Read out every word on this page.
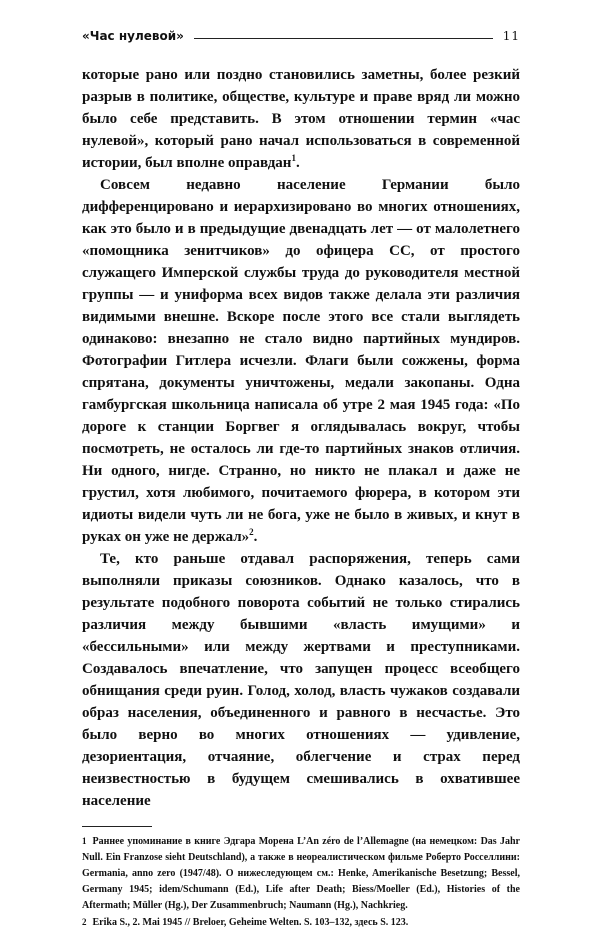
«Час нулевой»	11

которые рано или поздно становились заметны, более резкий разрыв в политике, обществе, культуре и праве вряд ли можно было себе представить. В этом отношении термин «час нулевой», который рано начал использоваться в современной истории, был вполне оправдан$^1$.

Совсем недавно население Германии было дифференцировано и иерархизировано во многих отношениях, как это было и в предыдущие двенадцать лет — от малолетнего «помощника зенитчиков» до офицера СС, от простого служащего Имперской службы труда до руководителя местной группы — и униформа всех видов также делала эти различия видимыми внешне. Вскоре после этого все стали выглядеть одинаково: внезапно не стало видно партийных мундиров. Фотографии Гитлера исчезли. Флаги были сожжены, форма спрятана, документы уничтожены, медали закопаны. Одна гамбургская школьница написала об утре 2 мая 1945 года: «По дороге к станции Боргвег я оглядывалась вокруг, чтобы посмотреть, не осталось ли где-то партийных знаков отличия. Ни одного, нигде. Странно, но никто не плакал и даже не грустил, хотя любимого, почитаемого фюрера, в котором эти идиоты видели чуть ли не бога, уже не было в живых, и кнут в руках он уже не держал»$^2$.

Те, кто раньше отдавал распоряжения, теперь сами выполняли приказы союзников. Однако казалось, что в результате подобного поворота событий не только стирались различия между бывшими «власть имущими» и «бессильными» или между жертвами и преступниками. Создавалось впечатление, что запущен процесс всеобщего обнищания среди руин. Голод, холод, власть чужаков создавали образ населения, объединенного и равного в несчастье. Это было верно во многих отношениях — удивление, дезориентация, отчаяние, облегчение и страх перед неизвестностью в будущем смешивались в охватившее население

1 Раннее упоминание в книге Эдгара Морена L’An zéro de l’Allemagne (на немецком: Das Jahr Null. Ein Franzose sieht Deutschland), а также в неореалистическом фильме Роберто Росселлини: Germania, anno zero (1947/48). О нижеследующем см.: Henke, Amerikanische Besetzung; Bessel, Germany 1945; idem/Schumann (Ed.), Life after Death; Biess/Moeller (Ed.), Histories of the Aftermath; Müller (Hg.), Der Zusammenbruch; Naumann (Hg.), Nachkrieg.

2 Erika S., 2. Mai 1945 // Breloer, Geheime Welten. S. 103–132, здесь S. 123.
